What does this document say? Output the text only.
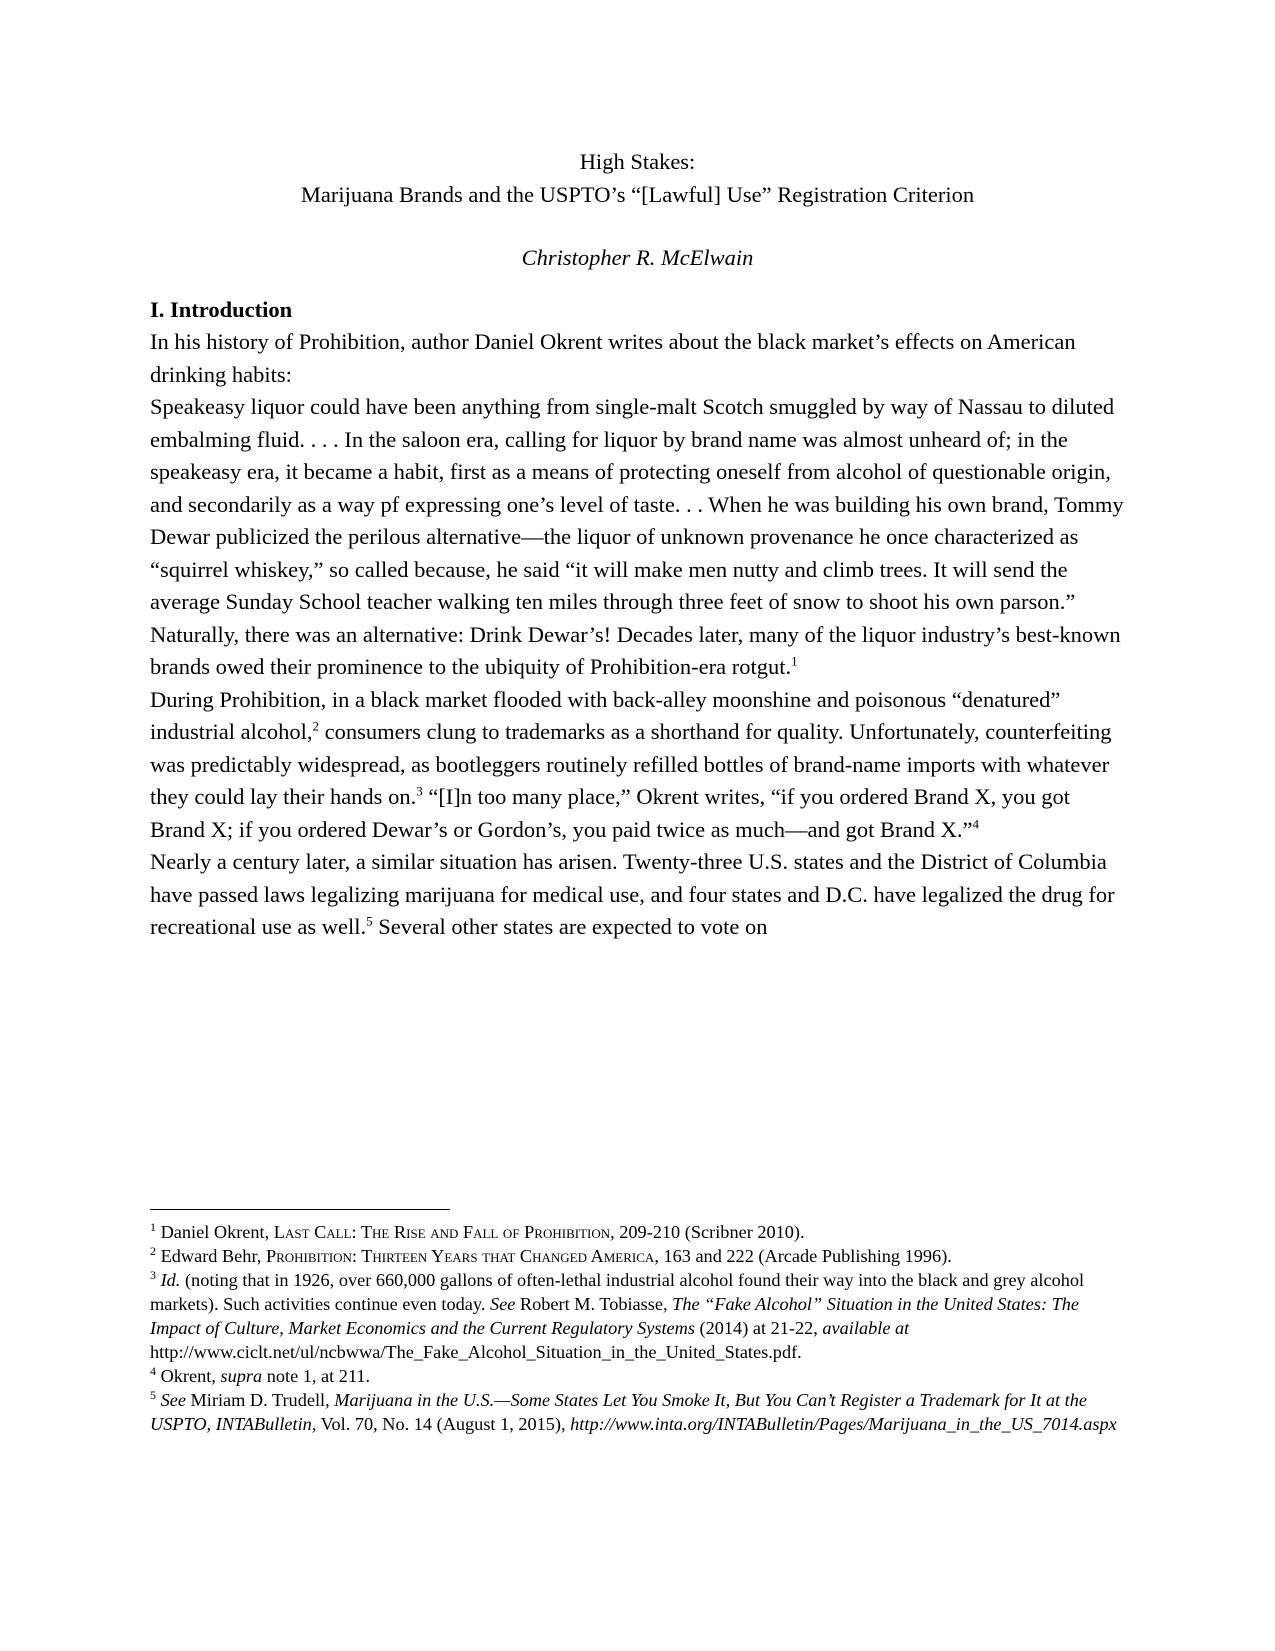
High Stakes:
Marijuana Brands and the USPTO’s “[Lawful] Use” Registration Criterion
Christopher R. McElwain
I. Introduction

In his history of Prohibition, author Daniel Okrent writes about the black market’s effects on American drinking habits:

Speakeasy liquor could have been anything from single-malt Scotch smuggled by way of Nassau to diluted embalming fluid. . . . In the saloon era, calling for liquor by brand name was almost unheard of; in the speakeasy era, it became a habit, first as a means of protecting oneself from alcohol of questionable origin, and secondarily as a way pf expressing one’s level of taste. . . When he was building his own brand, Tommy Dewar publicized the perilous alternative—the liquor of unknown provenance he once characterized as “squirrel whiskey,” so called because, he said “it will make men nutty and climb trees. It will send the average Sunday School teacher walking ten miles through three feet of snow to shoot his own parson.” Naturally, there was an alternative: Drink Dewar’s! Decades later, many of the liquor industry’s best-known brands owed their prominence to the ubiquity of Prohibition-era rotgut.$^1$

During Prohibition, in a black market flooded with back-alley moonshine and poisonous “denatured” industrial alcohol,$^2$ consumers clung to trademarks as a shorthand for quality. Unfortunately, counterfeiting was predictably widespread, as bootleggers routinely refilled bottles of brand-name imports with whatever they could lay their hands on.$^3$ “[I]n too many place,” Okrent writes, “if you ordered Brand X, you got Brand X; if you ordered Dewar’s or Gordon’s, you paid twice as much—and got Brand X.”$^4$

Nearly a century later, a similar situation has arisen. Twenty-three U.S. states and the District of Columbia have passed laws legalizing marijuana for medical use, and four states and D.C. have legalized the drug for recreational use as well.$^5$ Several other states are expected to vote on

$^1$ Daniel Okrent, Last Call: The Rise and Fall of Prohibition, 209-210 (Scribner 2010).

$^2$ Edward Behr, Prohibition: Thirteen Years that Changed America, 163 and 222 (Arcade Publishing 1996).

$^3$ Id. (noting that in 1926, over 660,000 gallons of often-lethal industrial alcohol found their way into the black and grey alcohol markets). Such activities continue even today. See Robert M. Tobiasse, The “Fake Alcohol” Situation in the United States: The Impact of Culture, Market Economics and the Current Regulatory Systems (2014) at 21-22, available at http://www.ciclt.net/ul/ncbwwa/The_Fake_Alcohol_Situation_in_the_United_States.pdf.

$^4$ Okrent, supra note 1, at 211.

$^5$ See Miriam D. Trudell, Marijuana in the U.S.—Some States Let You Smoke It, But You Can’t Register a Trademark for It at the USPTO, INTABulletin, Vol. 70, No. 14 (August 1, 2015), http://www.inta.org/INTABulletin/Pages/Marijuana_in_the_US_7014.aspx
